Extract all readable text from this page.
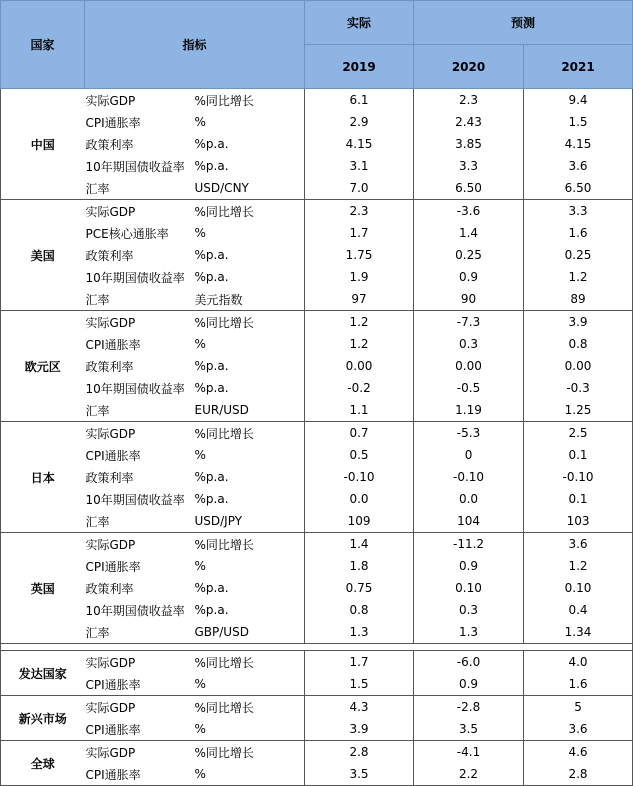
国家	指标		实际	预测	
			2019	2020	2021
中国	实际GDP	%同比增长	6.1	2.3	9.4
	CPI通胀率	%	2.9	2.43	1.5
	政策利率	%p.a.	4.15	3.85	4.15
	10年期国债收益率	%p.a.	3.1	3.3	3.6
	汇率	USD/CNY	7.0	6.50	6.50
美国	实际GDP	%同比增长	2.3	-3.6	3.3
	PCE核心通胀率	%	1.7	1.4	1.6
	政策利率	%p.a.	1.75	0.25	0.25
	10年期国债收益率	%p.a.	1.9	0.9	1.2
	汇率	美元指数	97	90	89
欧元区	实际GDP	%同比增长	1.2	-7.3	3.9
	CPI通胀率	%	1.2	0.3	0.8
	政策利率	%p.a.	0.00	0.00	0.00
	10年期国债收益率	%p.a.	-0.2	-0.5	-0.3
	汇率	EUR/USD	1.1	1.19	1.25
日本	实际GDP	%同比增长	0.7	-5.3	2.5
	CPI通胀率	%	0.5	0	0.1
	政策利率	%p.a.	-0.10	-0.10	-0.10
	10年期国债收益率	%p.a.	0.0	0.0	0.1
	汇率	USD/JPY	109	104	103
英国	实际GDP	%同比增长	1.4	-11.2	3.6
	CPI通胀率	%	1.8	0.9	1.2
	政策利率	%p.a.	0.75	0.10	0.10
	10年期国债收益率	%p.a.	0.8	0.3	0.4
	汇率	GBP/USD	1.3	1.3	1.34

发达国家	实际GDP	%同比增长	1.7	-6.0	4.0
	CPI通胀率	%	1.5	0.9	1.6
新兴市场	实际GDP	%同比增长	4.3	-2.8	5
	CPI通胀率	%	3.9	3.5	3.6
全球	实际GDP	%同比增长	2.8	-4.1	4.6
	CPI通胀率	%	3.5	2.2	2.8
